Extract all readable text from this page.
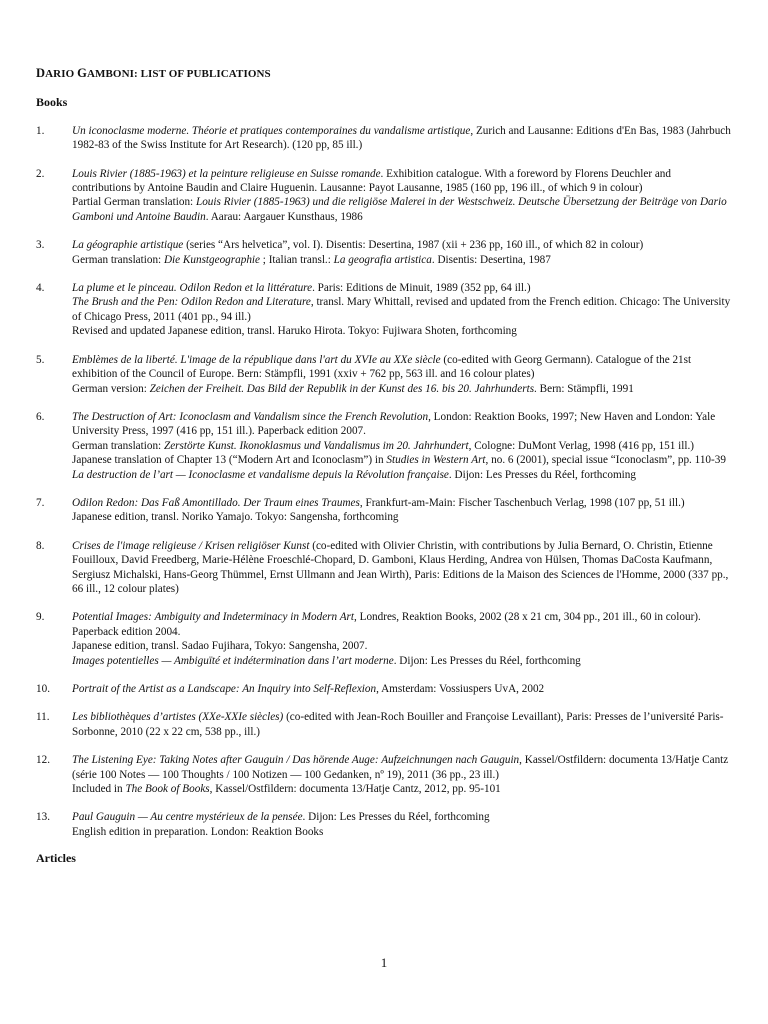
DARIO GAMBONI: LIST OF PUBLICATIONS
Books
1.	Un iconoclasme moderne. Théorie et pratiques contemporaines du vandalisme artistique, Zurich and Lausanne: Editions d'En Bas, 1983 (Jahrbuch 1982-83 of the Swiss Institute for Art Research). (120 pp, 85 ill.)
2.	Louis Rivier (1885-1963) et la peinture religieuse en Suisse romande. Exhibition catalogue. With a foreword by Florens Deuchler and contributions by Antoine Baudin and Claire Huguenin. Lausanne: Payot Lausanne, 1985 (160 pp, 196 ill., of which 9 in colour)
Partial German translation: Louis Rivier (1885-1963) und die religiöse Malerei in der Westschweiz. Deutsche Übersetzung der Beiträge von Dario Gamboni und Antoine Baudin. Aarau: Aargauer Kunsthaus, 1986
3.	La géographie artistique (series “Ars helvetica”, vol. I). Disentis: Desertina, 1987 (xii + 236 pp, 160 ill., of which 82 in colour)
German translation: Die Kunstgeographie ; Italian transl.: La geografia artistica. Disentis: Desertina, 1987
4.	La plume et le pinceau. Odilon Redon et la littérature. Paris: Editions de Minuit, 1989 (352 pp, 64 ill.)
The Brush and the Pen: Odilon Redon and Literature, transl. Mary Whittall, revised and updated from the French edition. Chicago: The University of Chicago Press, 2011 (401 pp., 94 ill.)
Revised and updated Japanese edition, transl. Haruko Hirota. Tokyo: Fujiwara Shoten, forthcoming
5.	Emblèmes de la liberté. L'image de la république dans l'art du XVIe au XXe siècle (co-edited with Georg Germann). Catalogue of the 21st exhibition of the Council of Europe. Bern: Stämpfli, 1991 (xxiv + 762 pp, 563 ill. and 16 colour plates)
German version: Zeichen der Freiheit. Das Bild der Republik in der Kunst des 16. bis 20. Jahrhunderts. Bern: Stämpfli, 1991
6.	The Destruction of Art: Iconoclasm and Vandalism since the French Revolution, London: Reaktion Books, 1997; New Haven and London: Yale University Press, 1997 (416 pp, 151 ill.). Paperback edition 2007.
German translation: Zerstörte Kunst. Ikonoklasmus und Vandalismus im 20. Jahrhundert, Cologne: DuMont Verlag, 1998 (416 pp, 151 ill.)
Japanese translation of Chapter 13 (“Modern Art and Iconoclasm”) in Studies in Western Art, no. 6 (2001), special issue “Iconoclasm”, pp. 110-39
La destruction de l’art — Iconoclasme et vandalisme depuis la Révolution française. Dijon: Les Presses du Réel, forthcoming
7.	Odilon Redon: Das Faß Amontillado. Der Traum eines Traumes, Frankfurt-am-Main: Fischer Taschenbuch Verlag, 1998 (107 pp, 51 ill.)
Japanese edition, transl. Noriko Yamajo. Tokyo: Sangensha, forthcoming
8.	Crises de l'image religieuse / Krisen religiöser Kunst (co-edited with Olivier Christin, with contributions by Julia Bernard, O. Christin, Etienne Fouilloux, David Freedberg, Marie-Hélène Froeschlé-Chopard, D. Gamboni, Klaus Herding, Andrea von Hülsen, Thomas DaCosta Kaufmann, Sergiusz Michalski, Hans-Georg Thümmel, Ernst Ullmann and Jean Wirth), Paris: Editions de la Maison des Sciences de l'Homme, 2000 (337 pp., 66 ill., 12 colour plates)
9.	Potential Images: Ambiguity and Indeterminacy in Modern Art, Londres, Reaktion Books, 2002 (28 x 21 cm, 304 pp., 201 ill., 60 in colour). Paperback edition 2004.
Japanese edition, transl. Sadao Fujihara, Tokyo: Sangensha, 2007.
Images potentielles — Ambiguïté et indétermination dans l’art moderne. Dijon: Les Presses du Réel, forthcoming
10.	Portrait of the Artist as a Landscape: An Inquiry into Self-Reflexion, Amsterdam: Vossiuspers UvA, 2002
11.	Les bibliothèques d’artistes (XXe-XXIe siècles) (co-edited with Jean-Roch Bouiller and Françoise Levaillant), Paris: Presses de l’université Paris-Sorbonne, 2010 (22 x 22 cm, 538 pp., ill.)
12.	The Listening Eye: Taking Notes after Gauguin / Das hörende Auge: Aufzeichnungen nach Gauguin, Kassel/Ostfildern: documenta 13/Hatje Cantz (série 100 Notes — 100 Thoughts / 100 Notizen — 100 Gedanken, nº 19), 2011 (36 pp., 23 ill.)
Included in The Book of Books, Kassel/Ostfildern: documenta 13/Hatje Cantz, 2012, pp. 95-101
13.	Paul Gauguin — Au centre mystérieux de la pensée. Dijon: Les Presses du Réel, forthcoming
English edition in preparation. London: Reaktion Books
Articles
1
